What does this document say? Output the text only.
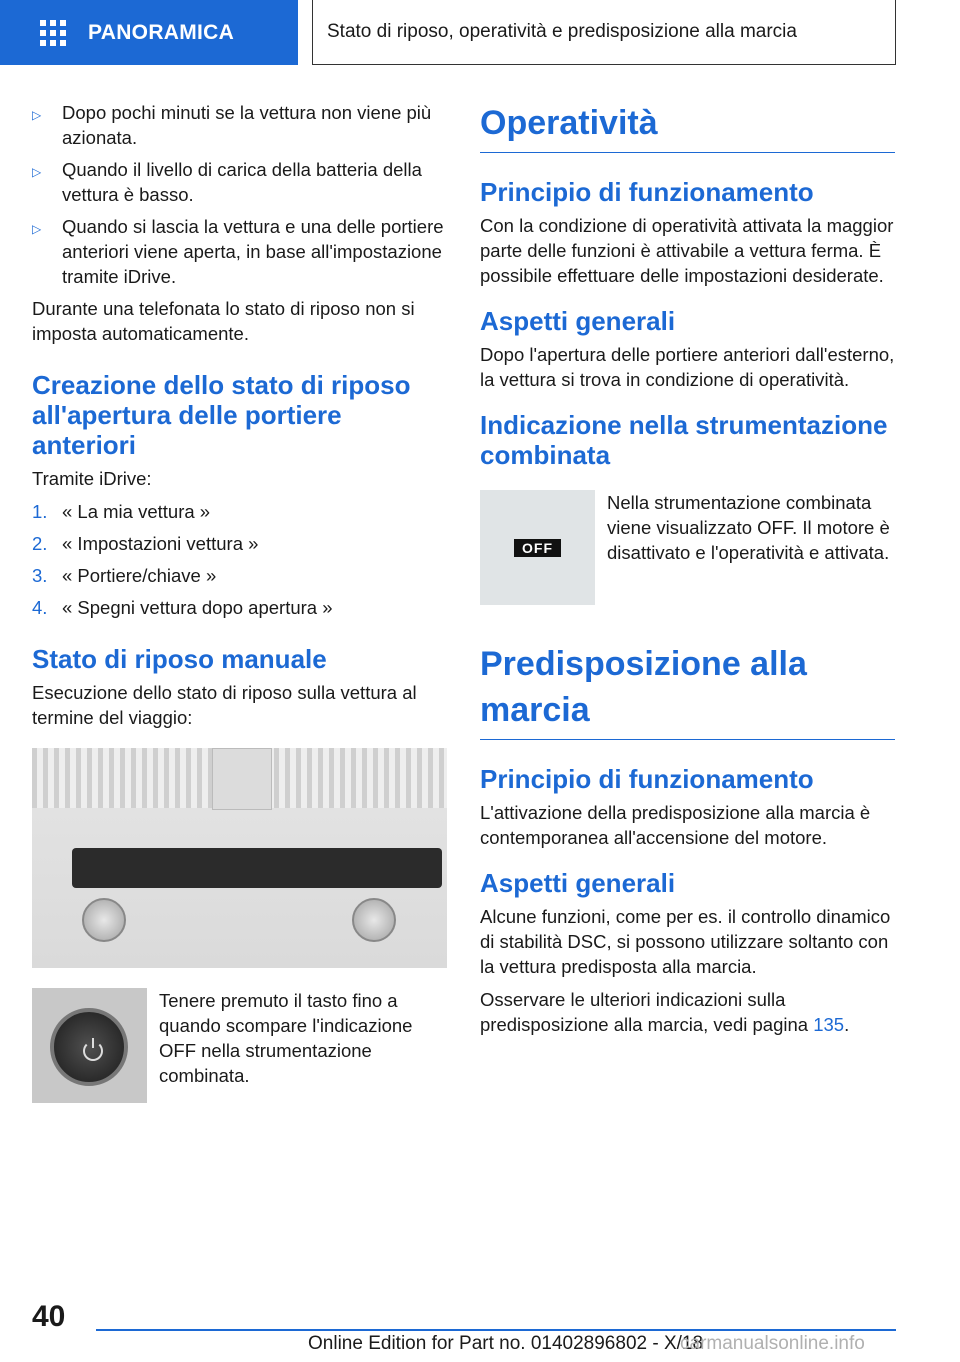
PANORAMICA	Stato di riposo, operatività e predisposizione alla marcia
▷	Dopo pochi minuti se la vettura non viene più azionata.
▷	Quando il livello di carica della batteria della vettura è basso.
▷	Quando si lascia la vettura e una delle portiere anteriori viene aperta, in base all'impostazione tramite iDrive.

Durante una telefonata lo stato di riposo non si imposta automaticamente.

Creazione dello stato di riposo all'apertura delle portiere anteriori

Tramite iDrive:

1. « La mia vettura »
2. « Impostazioni vettura »
3. « Portiere/chiave »
4. « Spegni vettura dopo apertura »
Stato di riposo manuale

Esecuzione dello stato di riposo sulla vettura al termine del viaggio:

Tenere premuto il tasto fino a quando scompare l'indicazione OFF nella strumentazione combinata.

Operatività
Principio di funzionamento

Con la condizione di operatività attivata la maggior parte delle funzioni è attivabile a vettura ferma. È possibile effettuare delle impostazioni desiderate.

Aspetti generali

Dopo l'apertura delle portiere anteriori dall'esterno, la vettura si trova in condizione di operatività.

Indicazione nella strumentazione combinata
OFF

Nella strumentazione combinata viene visualizzato OFF. Il motore è disattivato e l'operatività e attivata.

Predisposizione alla marcia
Principio di funzionamento

L'attivazione della predisposizione alla marcia è contemporanea all'accensione del motore.

Aspetti generali

Alcune funzioni, come per es. il controllo dinamico di stabilità DSC, si possono utilizzare soltanto con la vettura predisposta alla marcia.

Osservare le ulteriori indicazioni sulla predisposizione alla marcia, vedi pagina 135.

40
Online Edition for Part no. 01402896802 - X/18
carmanualsonline.info
